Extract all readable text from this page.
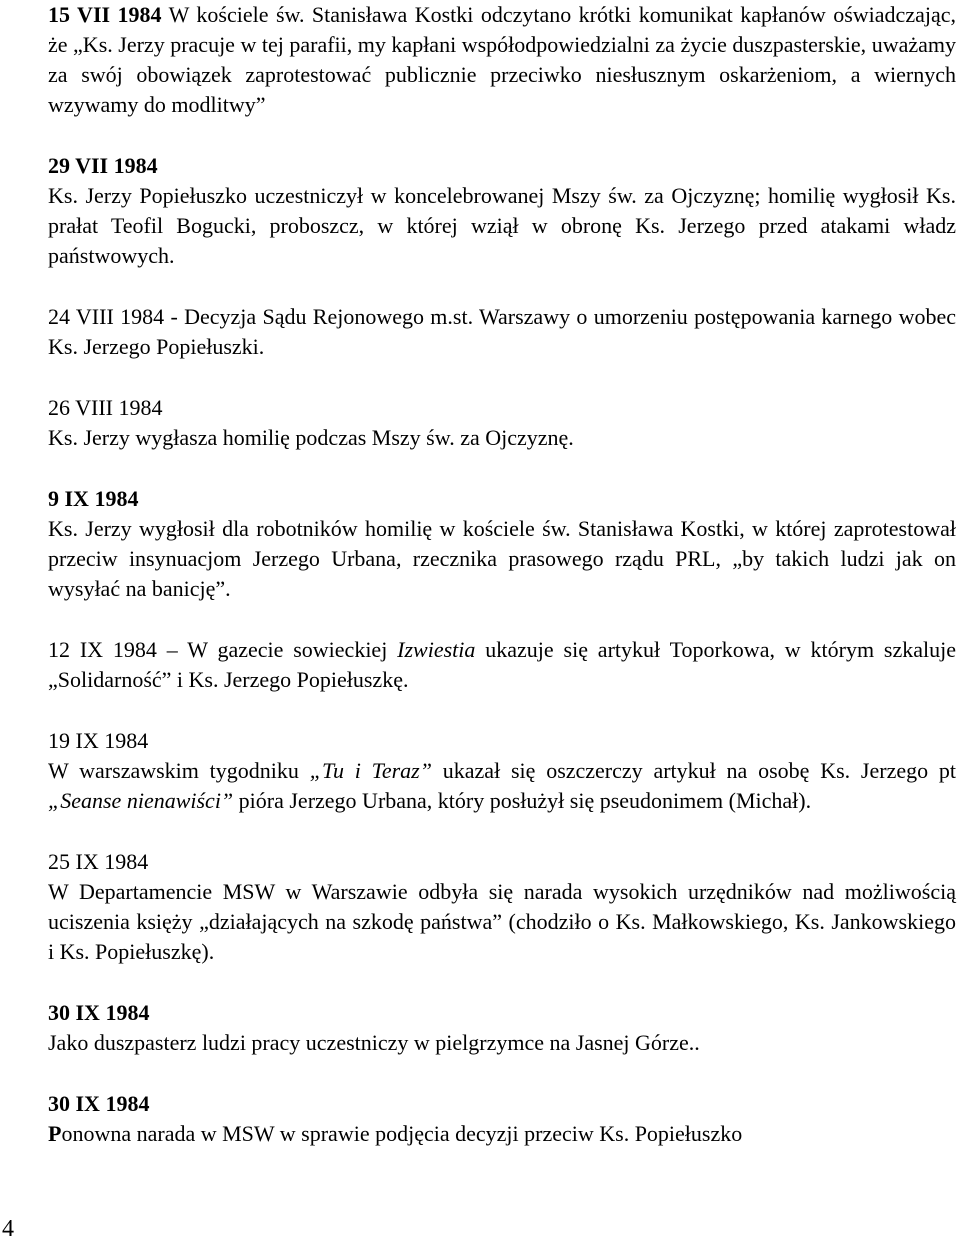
15 VII 1984 W kościele św. Stanisława Kostki odczytano krótki komunikat kapłanów oświadczając, że „Ks. Jerzy pracuje w tej parafii, my kapłani współodpowiedzialni za życie duszpasterskie, uważamy za swój obowiązek zaprotestować publicznie przeciwko niesłusznym oskarżeniom, a wiernych wzywamy do modlitwy”

29 VII 1984
Ks. Jerzy Popiełuszko uczestniczył w koncelebrowanej Mszy św. za Ojczyznę; homilię wygłosił Ks. prałat Teofil Bogucki, proboszcz, w której wziął w obronę Ks. Jerzego przed atakami władz państwowych.

24 VIII 1984 - Decyzja Sądu Rejonowego m.st. Warszawy o umorzeniu postępowania karnego wobec Ks. Jerzego Popiełuszki.

26 VIII 1984
Ks. Jerzy wygłasza homilię podczas Mszy św. za Ojczyznę.
9 IX 1984
Ks. Jerzy wygłosił dla robotników homilię w kościele św. Stanisława Kostki, w której zaprotestował przeciw insynuacjom Jerzego Urbana, rzecznika prasowego rządu PRL, „by takich ludzi jak on wysyłać na banicję”.

12 IX 1984 – W gazecie sowieckiej Izwiestia ukazuje się artykuł Toporkowa, w którym szkaluje „Solidarność” i Ks. Jerzego Popiełuszkę.

19 IX 1984
W warszawskim tygodniku „Tu i Teraz” ukazał się oszczerczy artykuł na osobę Ks. Jerzego pt „Seanse nienawiści” pióra Jerzego Urbana, który posłużył się pseudonimem (Michał).
25 IX 1984
W Departamencie MSW w Warszawie odbyła się narada wysokich urzędników nad możliwością uciszenia księży „działających na szkodę państwa” (chodziło o Ks. Małkowskiego, Ks. Jankowskiego i Ks. Popiełuszkę).
30 IX 1984
Jako duszpasterz ludzi pracy uczestniczy w pielgrzymce na Jasnej Górze..
30 IX 1984
Ponowna narada w MSW w sprawie podjęcia decyzji przeciw Ks. Popiełuszko
4
